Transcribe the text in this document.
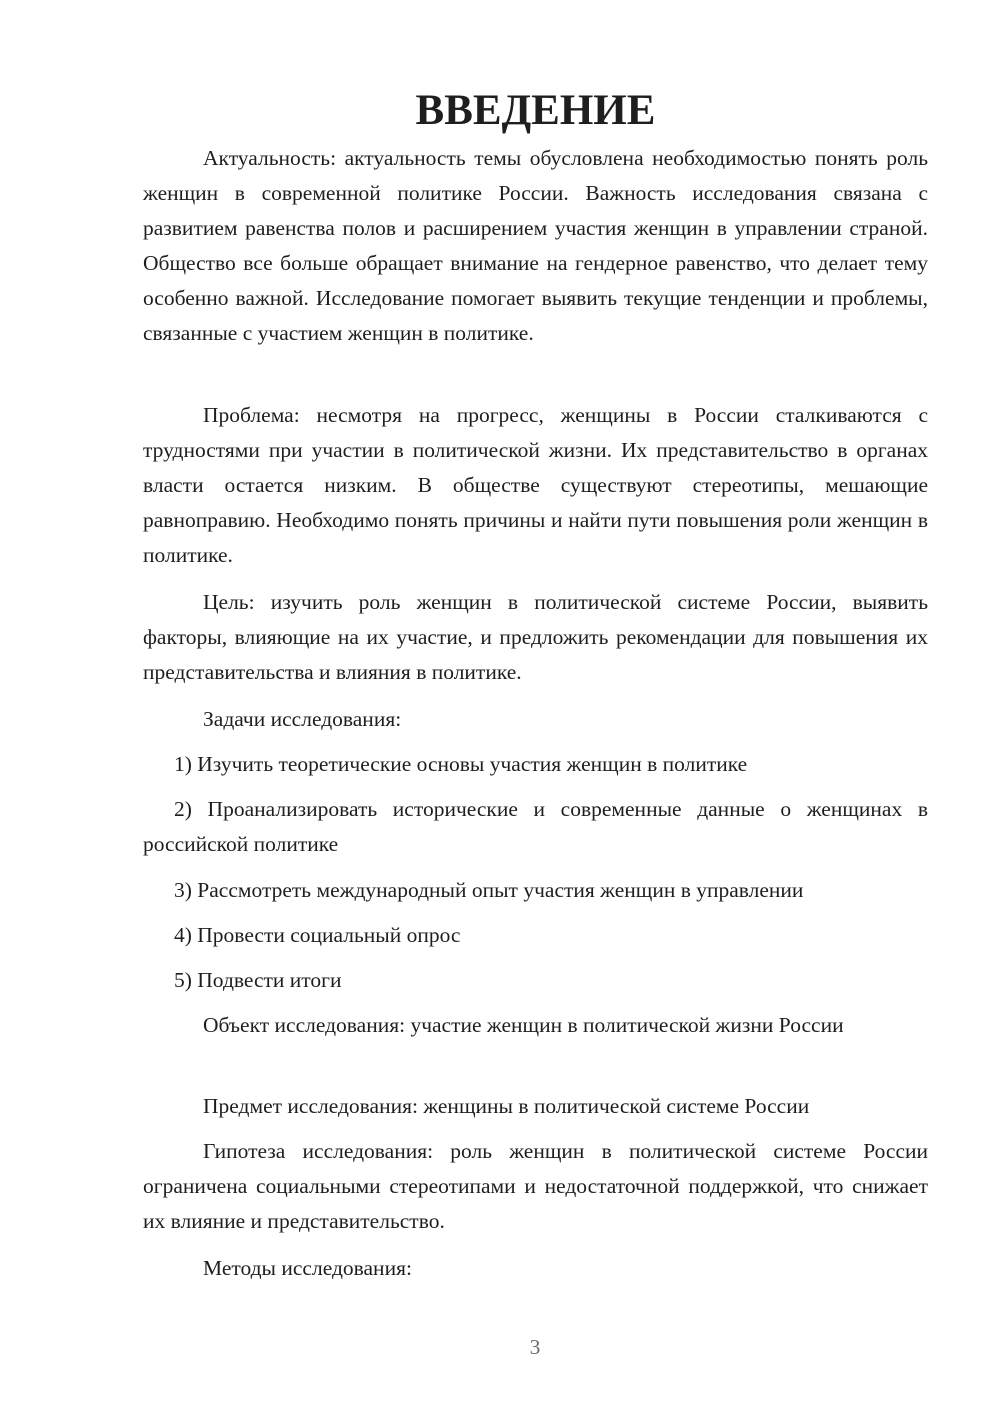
ВВЕДЕНИЕ

Актуальность: актуальность темы обусловлена необходимостью понять роль женщин в современной политике России. Важность исследования связана с развитием равенства полов и расширением участия женщин в управлении страной. Общество все больше обращает внимание на гендерное равенство, что делает тему особенно важной. Исследование помогает выявить текущие тенденции и проблемы, связанные с участием женщин в политике.

Проблема: несмотря на прогресс, женщины в России сталкиваются с трудностями при участии в политической жизни. Их представительство в органах власти остается низким. В обществе существуют стереотипы, мешающие равноправию. Необходимо понять причины и найти пути повышения роли женщин в политике.

Цель: изучить роль женщин в политической системе России, выявить факторы, влияющие на их участие, и предложить рекомендации для повышения их представительства и влияния в политике.

Задачи исследования:

1) Изучить теоретические основы участия женщин в политике

2) Проанализировать исторические и современные данные о женщинах в российской политике

3) Рассмотреть международный опыт участия женщин в управлении

4) Провести социальный опрос

5) Подвести итоги

Объект исследования: участие женщин в политической жизни России

Предмет исследования: женщины в политической системе России

Гипотеза исследования: роль женщин в политической системе России ограничена социальными стереотипами и недостаточной поддержкой, что снижает их влияние и представительство.

Методы исследования:

3
